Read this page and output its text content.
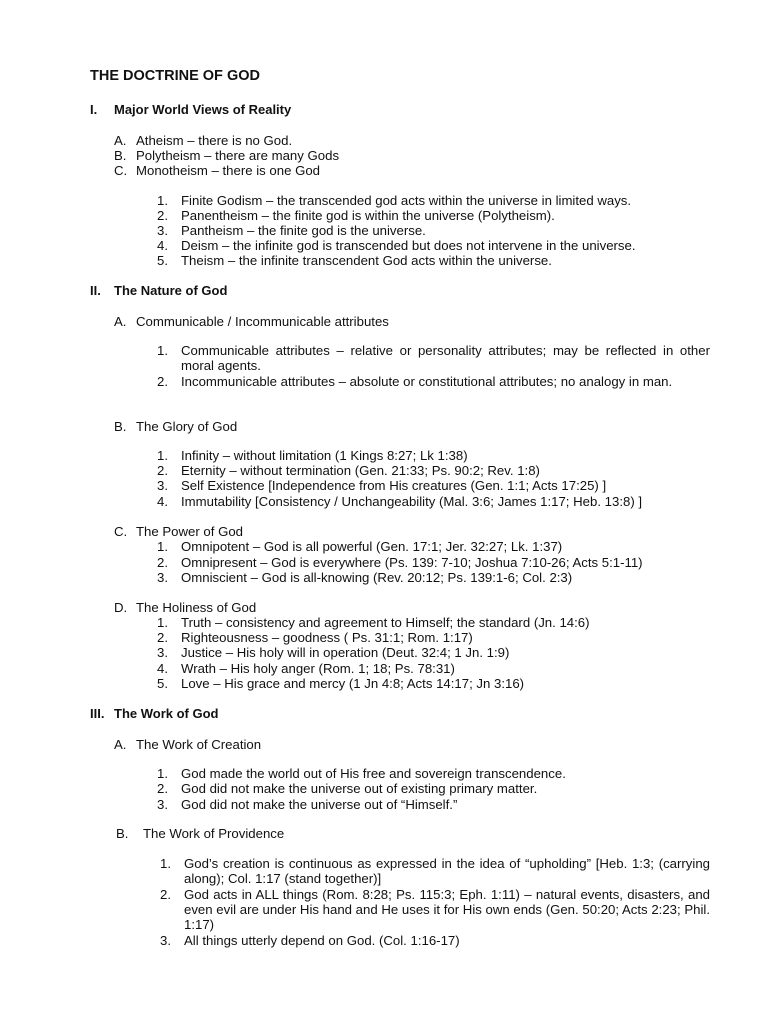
THE DOCTRINE OF GOD
I. Major World Views of Reality
A. Atheism – there is no God.
B. Polytheism – there are many Gods
C. Monotheism – there is one God
1. Finite Godism – the transcended god acts within the universe in limited ways.
2. Panentheism – the finite god is within the universe (Polytheism).
3. Pantheism – the finite god is the universe.
4. Deism – the infinite god is transcended but does not intervene in the universe.
5. Theism – the infinite transcendent God acts within the universe.
II. The Nature of God
A. Communicable / Incommunicable attributes
1. Communicable attributes – relative or personality attributes; may be reflected in other moral agents.
2. Incommunicable attributes – absolute or constitutional attributes; no analogy in man.
B. The Glory of God
1. Infinity – without limitation (1 Kings 8:27; Lk 1:38)
2. Eternity – without termination (Gen. 21:33; Ps. 90:2; Rev. 1:8)
3. Self Existence [Independence from His creatures (Gen. 1:1; Acts 17:25) ]
4. Immutability [Consistency / Unchangeability (Mal. 3:6; James 1:17; Heb. 13:8) ]
C. The Power of God
1. Omnipotent – God is all powerful (Gen. 17:1; Jer. 32:27; Lk. 1:37)
2. Omnipresent – God is everywhere (Ps. 139: 7-10; Joshua 7:10-26; Acts 5:1-11)
3. Omniscient – God is all-knowing (Rev. 20:12; Ps. 139:1-6; Col. 2:3)
D. The Holiness of God
1. Truth – consistency and agreement to Himself; the standard (Jn. 14:6)
2. Righteousness – goodness ( Ps. 31:1; Rom. 1:17)
3. Justice – His holy will in operation (Deut. 32:4; 1 Jn. 1:9)
4. Wrath – His holy anger (Rom. 1; 18; Ps. 78:31)
5. Love – His grace and mercy (1 Jn 4:8; Acts 14:17; Jn 3:16)
III. The Work of God
A. The Work of Creation
1. God made the world out of His free and sovereign transcendence.
2. God did not make the universe out of existing primary matter.
3. God did not make the universe out of “Himself.”
B. The Work of Providence
1. God’s creation is continuous as expressed in the idea of “upholding” [Heb. 1:3; (carrying along); Col. 1:17 (stand together)]
2. God acts in ALL things (Rom. 8:28; Ps. 115:3; Eph. 1:11) – natural events, disasters, and even evil are under His hand and He uses it for His own ends (Gen. 50:20; Acts 2:23; Phil. 1:17)
3. All things utterly depend on God. (Col. 1:16-17)
